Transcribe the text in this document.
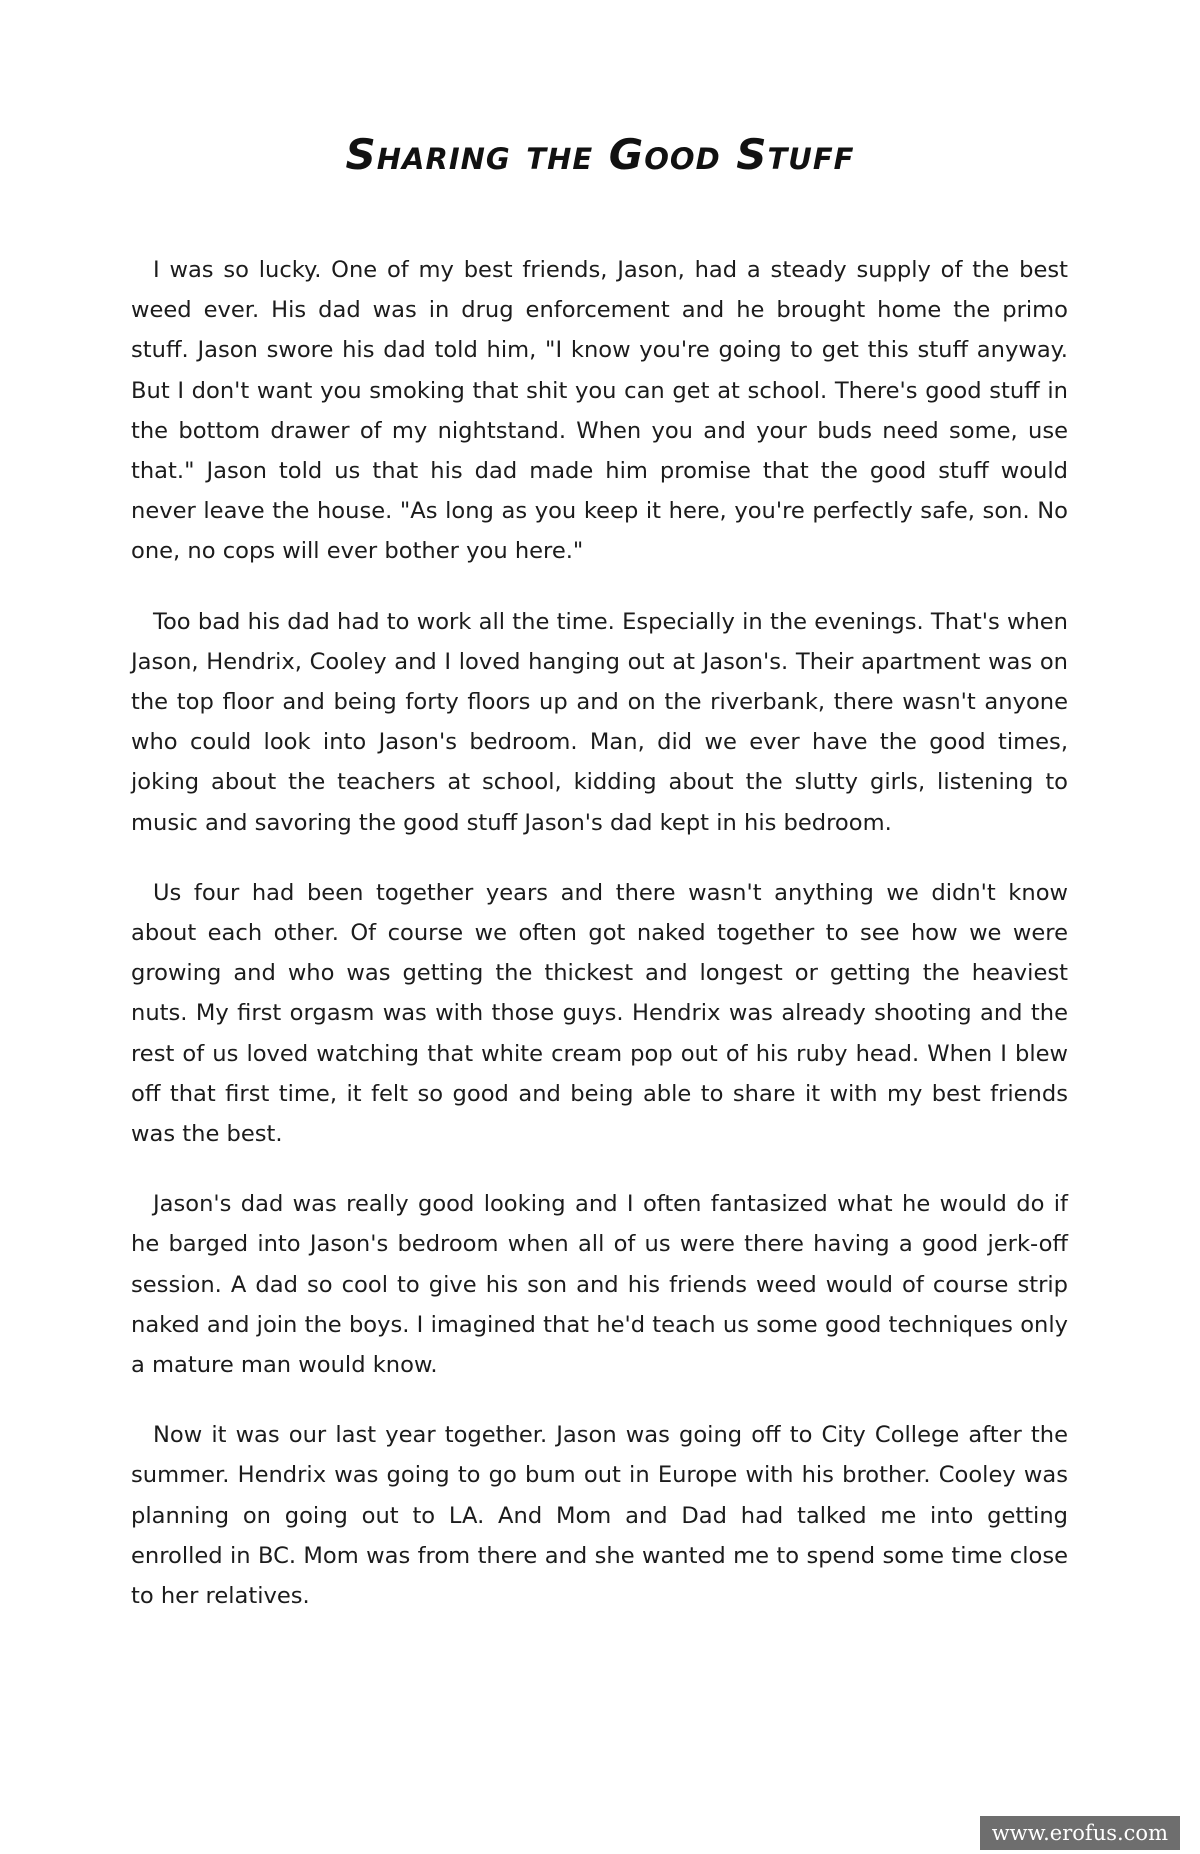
Sharing the Good Stuff

I was so lucky. One of my best friends, Jason, had a steady supply of the best weed ever. His dad was in drug enforcement and he brought home the primo stuff. Jason swore his dad told him, "I know you're going to get this stuff anyway. But I don't want you smoking that shit you can get at school. There's good stuff in the bottom drawer of my nightstand. When you and your buds need some, use that." Jason told us that his dad made him promise that the good stuff would never leave the house. "As long as you keep it here, you're perfectly safe, son. No one, no cops will ever bother you here."

Too bad his dad had to work all the time. Especially in the evenings. That's when Jason, Hendrix, Cooley and I loved hanging out at Jason's. Their apartment was on the top floor and being forty floors up and on the riverbank, there wasn't anyone who could look into Jason's bedroom. Man, did we ever have the good times, joking about the teachers at school, kidding about the slutty girls, listening to music and savoring the good stuff Jason's dad kept in his bedroom.

Us four had been together years and there wasn't anything we didn't know about each other. Of course we often got naked together to see how we were growing and who was getting the thickest and longest or getting the heaviest nuts. My first orgasm was with those guys. Hendrix was already shooting and the rest of us loved watching that white cream pop out of his ruby head. When I blew off that first time, it felt so good and being able to share it with my best friends was the best.

Jason's dad was really good looking and I often fantasized what he would do if he barged into Jason's bedroom when all of us were there having a good jerk-off session. A dad so cool to give his son and his friends weed would of course strip naked and join the boys. I imagined that he'd teach us some good techniques only a mature man would know.

Now it was our last year together. Jason was going off to City College after the summer. Hendrix was going to go bum out in Europe with his brother. Cooley was planning on going out to LA. And Mom and Dad had talked me into getting enrolled in BC. Mom was from there and she wanted me to spend some time close to her relatives.

www.erofus.com
